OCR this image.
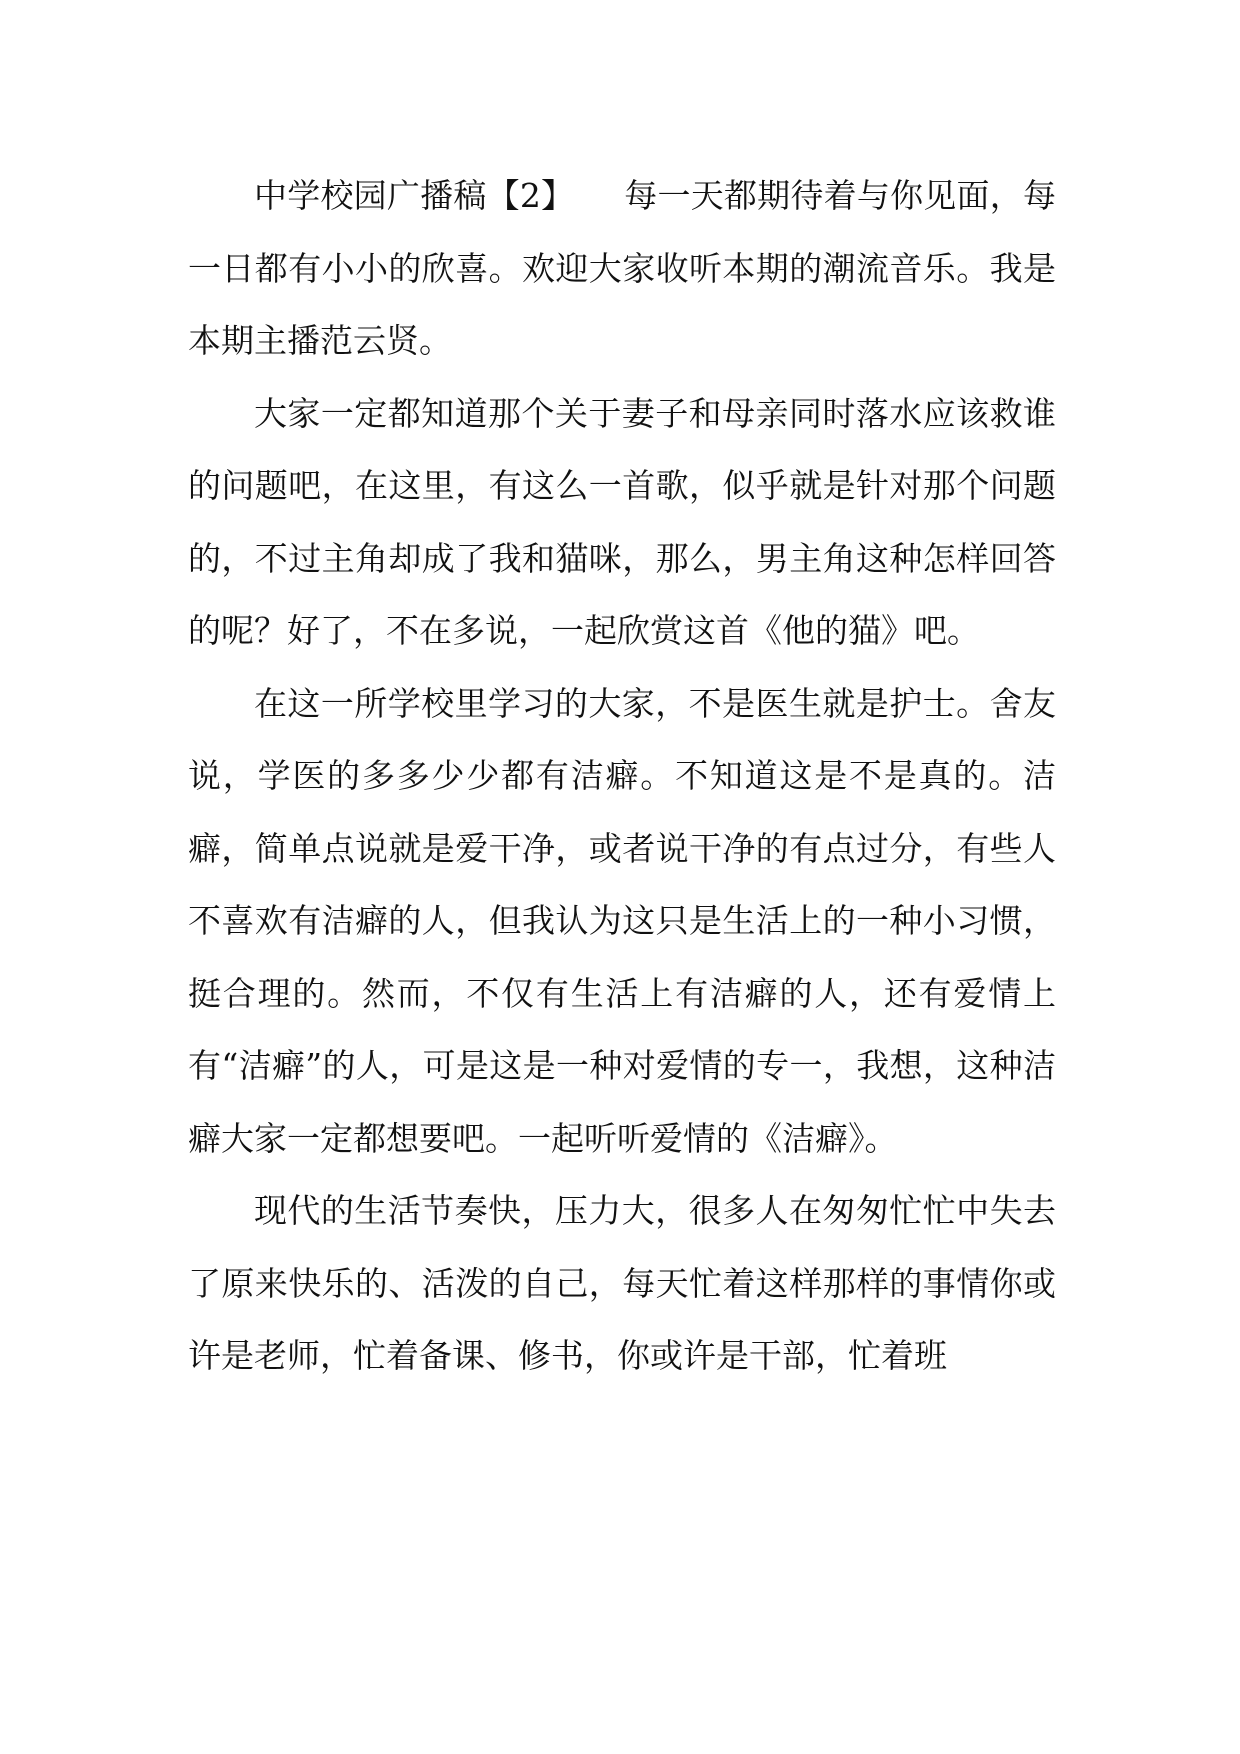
中学校园广播稿【2】　　每一天都期待着与你见面，每一日都有小小的欣喜。欢迎大家收听本期的潮流音乐。我是本期主播范云贤。

大家一定都知道那个关于妻子和母亲同时落水应该救谁的问题吧，在这里，有这么一首歌，似乎就是针对那个问题的，不过主角却成了我和猫咪，那么，男主角这种怎样回答的呢？好了，不在多说，一起欣赏这首《他的猫》吧。

在这一所学校里学习的大家，不是医生就是护士。舍友说，学医的多多少少都有洁癖。不知道这是不是真的。洁癖，简单点说就是爱干净，或者说干净的有点过分，有些人不喜欢有洁癖的人，但我认为这只是生活上的一种小习惯，挺合理的。然而，不仅有生活上有洁癖的人，还有爱情上有“洁癖”的人，可是这是一种对爱情的专一，我想，这种洁癖大家一定都想要吧。一起听听爱情的《洁癖》。

现代的生活节奏快，压力大，很多人在匆匆忙忙中失去了原来快乐的、活泼的自己，每天忙着这样那样的事情你或许是老师，忙着备课、修书，你或许是干部，忙着班
